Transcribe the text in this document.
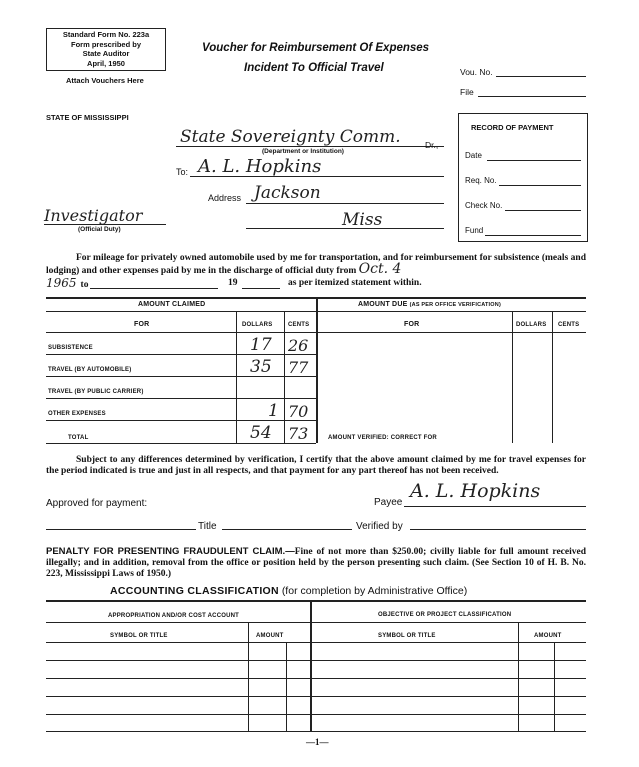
Standard Form No. 223a
Form prescribed by
State Auditor
April, 1950
Attach Vouchers Here
Voucher for Reimbursement Of Expenses
Incident To Official Travel	Vou. No.
File
STATE OF MISSISSIPPI
State Sovereignty Comm.	Dr.,
(Department or Institution)
To: A. L. Hopkins
Address Jackson
Miss
Investigator
(Official Duty)
RECORD OF PAYMENT
Date
Req. No.
Check No.
Fund
For mileage for privately owned automobile used by me for transportation, and for reimbursement for subsistence (meals and lodging) and other expenses paid by me in the discharge of official duty from Oct. 4
1965 to	19	as per itemized statement within.
AMOUNT CLAIMED	AMOUNT DUE (AS PER OFFICE VERIFICATION)
FOR	DOLLARS	CENTS	FOR	DOLLARS CENTS
SUBSISTENCE	17 26
TRAVEL (BY AUTOMOBILE)	35 77
TRAVEL (BY PUBLIC CARRIER)
OTHER EXPENSES	1 70
TOTAL	54 73	AMOUNT VERIFIED: CORRECT FOR
Subject to any differences determined by verification, I certify that the above amount claimed by me for travel expenses for the period indicated is true and just in all respects, and that payment for any part thereof has not been received.
Approved for payment:	Payee
A. L. Hopkins
Title	Verified by
PENALTY FOR PRESENTING FRAUDULENT CLAIM.—Fine of not more than $250.00; civilly liable for full amount received illegally; and in addition, removal from the office or position held by the person presenting such claim. (See Section 10 of H. B. No. 223, Mississippi Laws of 1950.)
ACCOUNTING CLASSIFICATION (for completion by Administrative Office)
APPROPRIATION AND/OR COST ACCOUNT	OBJECTIVE OR PROJECT CLASSIFICATION
SYMBOL OR TITLE	AMOUNT	SYMBOL OR TITLE	AMOUNT
—1—
